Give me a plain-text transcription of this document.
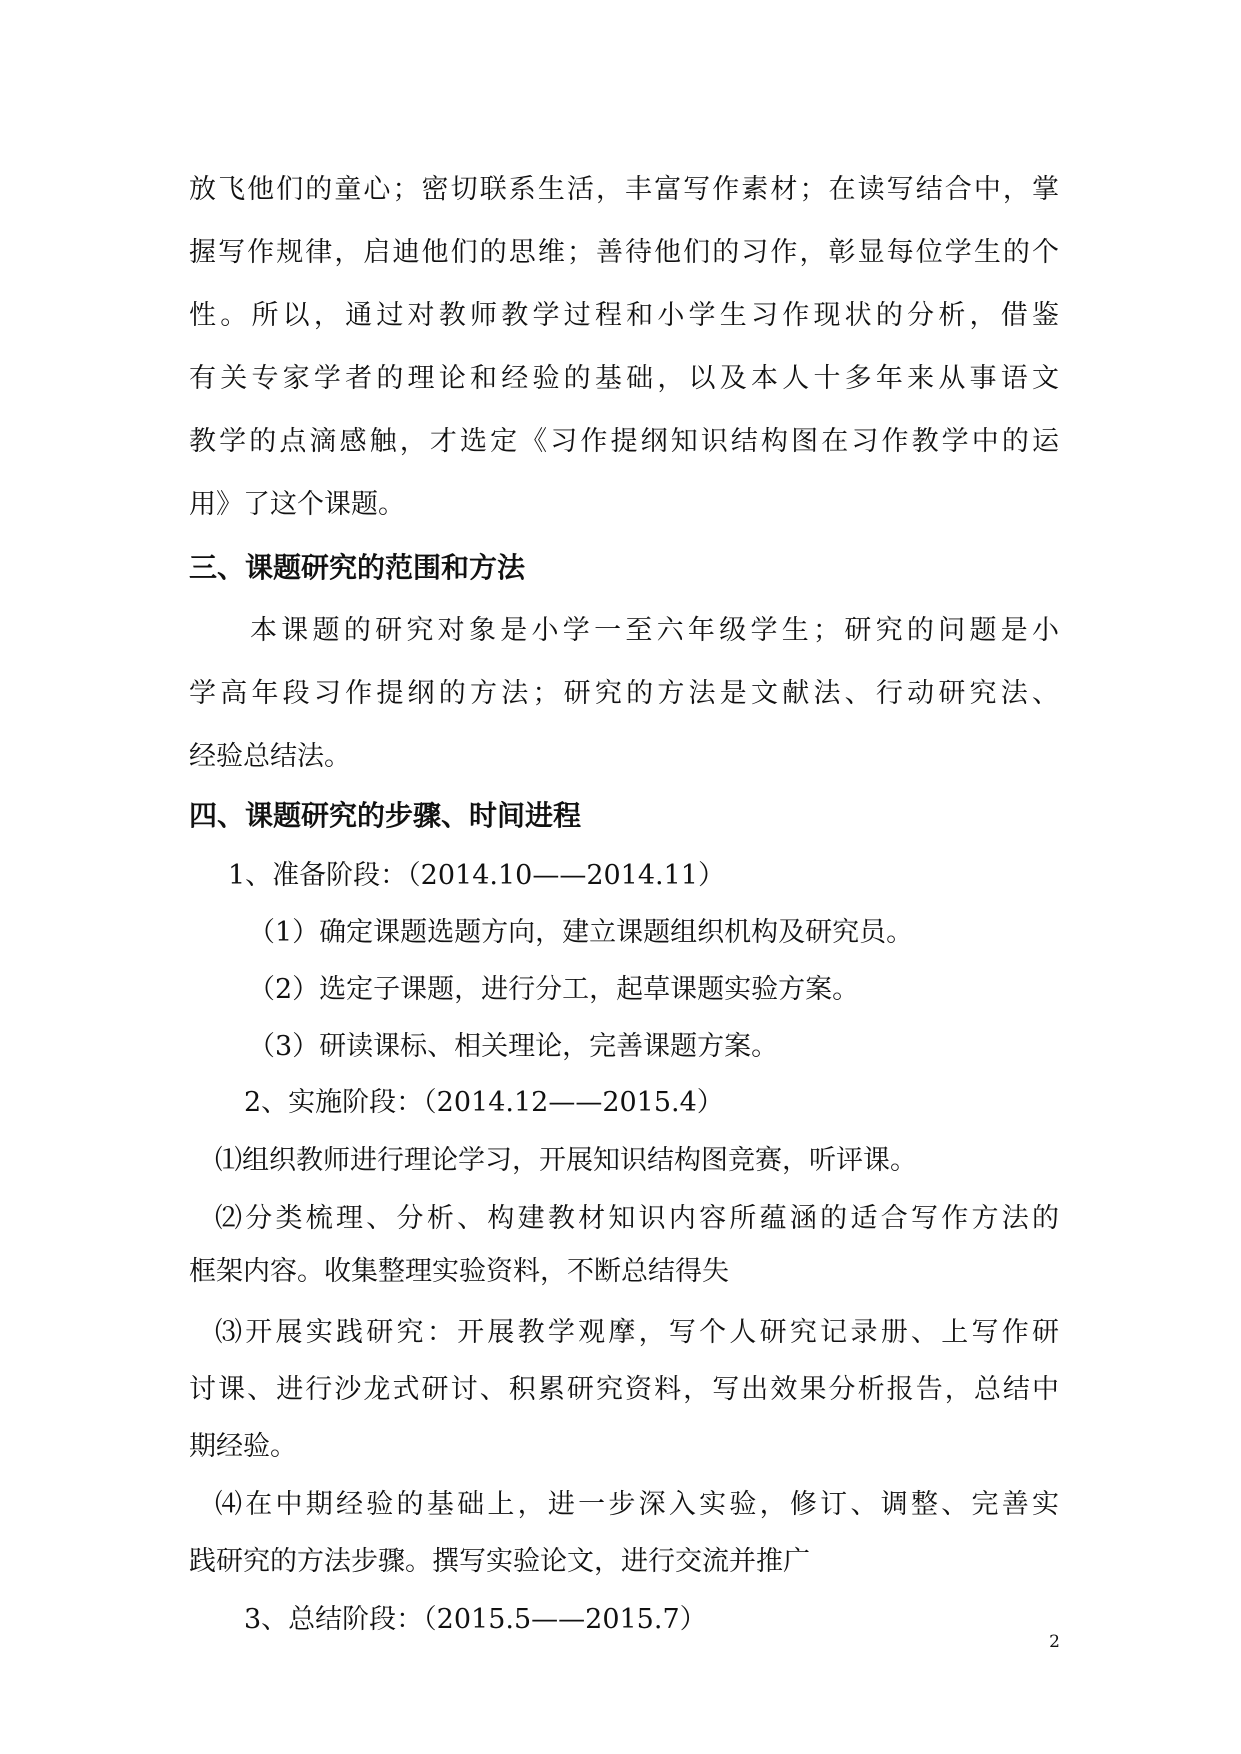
放飞他们的童心；密切联系生活，丰富写作素材；在读写结合中，掌
握写作规律，启迪他们的思维；善待他们的习作，彰显每位学生的个
性。所以，通过对教师教学过程和小学生习作现状的分析，借鉴
有关专家学者的理论和经验的基础，以及本人十多年来从事语文
教学的点滴感触，才选定《习作提纲知识结构图在习作教学中的运
用》了这个课题。
三、课题研究的范围和方法
本课题的研究对象是小学一至六年级学生；研究的问题是小
学高年段习作提纲的方法；研究的方法是文献法、行动研究法、
经验总结法。
四、课题研究的步骤、时间进程
1、准备阶段：（2014.10——2014.11）
（1）确定课题选题方向，建立课题组织机构及研究员。
（2）选定子课题，进行分工，起草课题实验方案。
（3）研读课标、相关理论，完善课题方案。
2、实施阶段：（2014.12——2015.4）
⑴组织教师进行理论学习，开展知识结构图竞赛，听评课。
⑵分类梳理、分析、构建教材知识内容所蕴涵的适合写作方法的
框架内容。收集整理实验资料，不断总结得失
⑶开展实践研究：开展教学观摩，写个人研究记录册、上写作研
讨课、进行沙龙式研讨、积累研究资料，写出效果分析报告，总结中
期经验。
⑷在中期经验的基础上，进一步深入实验，修订、调整、完善实
践研究的方法步骤。撰写实验论文，进行交流并推广
3、总结阶段：（2015.5——2015.7）
2
